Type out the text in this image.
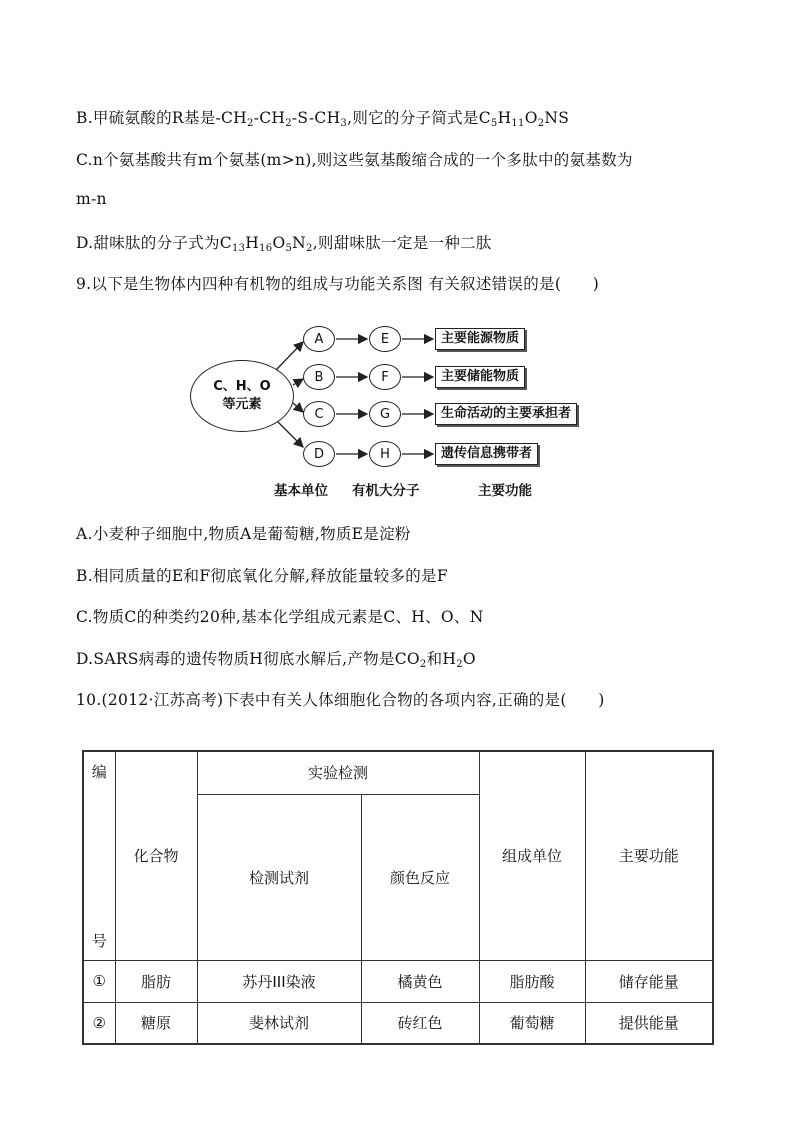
B.甲硫氨酸的R基是$-CH_2-CH_2-S-CH_3$,则它的分子简式是$C_5H_{11}O_2NS$
C.n个氨基酸共有m个氨基(m>n),则这些氨基酸缩合成的一个多肽中的氨基数为
m-n
D.甜味肽的分子式为$C_{13}H_{16}O_5N_2$,则甜味肽一定是一种二肽
9.以下是生物体内四种有机物的组成与功能关系图 有关叙述错误的是(　　)
C、H、O
等元素
A
B
C
D
E
F
G
H
主要能源物质
主要储能物质
生命活动的主要承担者
遗传信息携带者
基本单位 有机大分子	主要功能
A.小麦种子细胞中,物质A是葡萄糖,物质E是淀粉
B.相同质量的E和F彻底氧化分解,释放能量较多的是F
C.物质C的种类约20种,基本化学组成元素是C、H、O、N
D.SARS病毒的遗传物质H彻底水解后,产物是$CO_2$和$H_2O$
10.(2012·江苏高考)下表中有关人体细胞化合物的各项内容,正确的是(　　)
编
号	化合物	实验检测		组成单位	主要功能
		检测试剂	颜色反应		
①	脂肪	苏丹III染液	橘黄色	脂肪酸	储存能量
②	糖原	斐林试剂	砖红色	葡萄糖	提供能量
